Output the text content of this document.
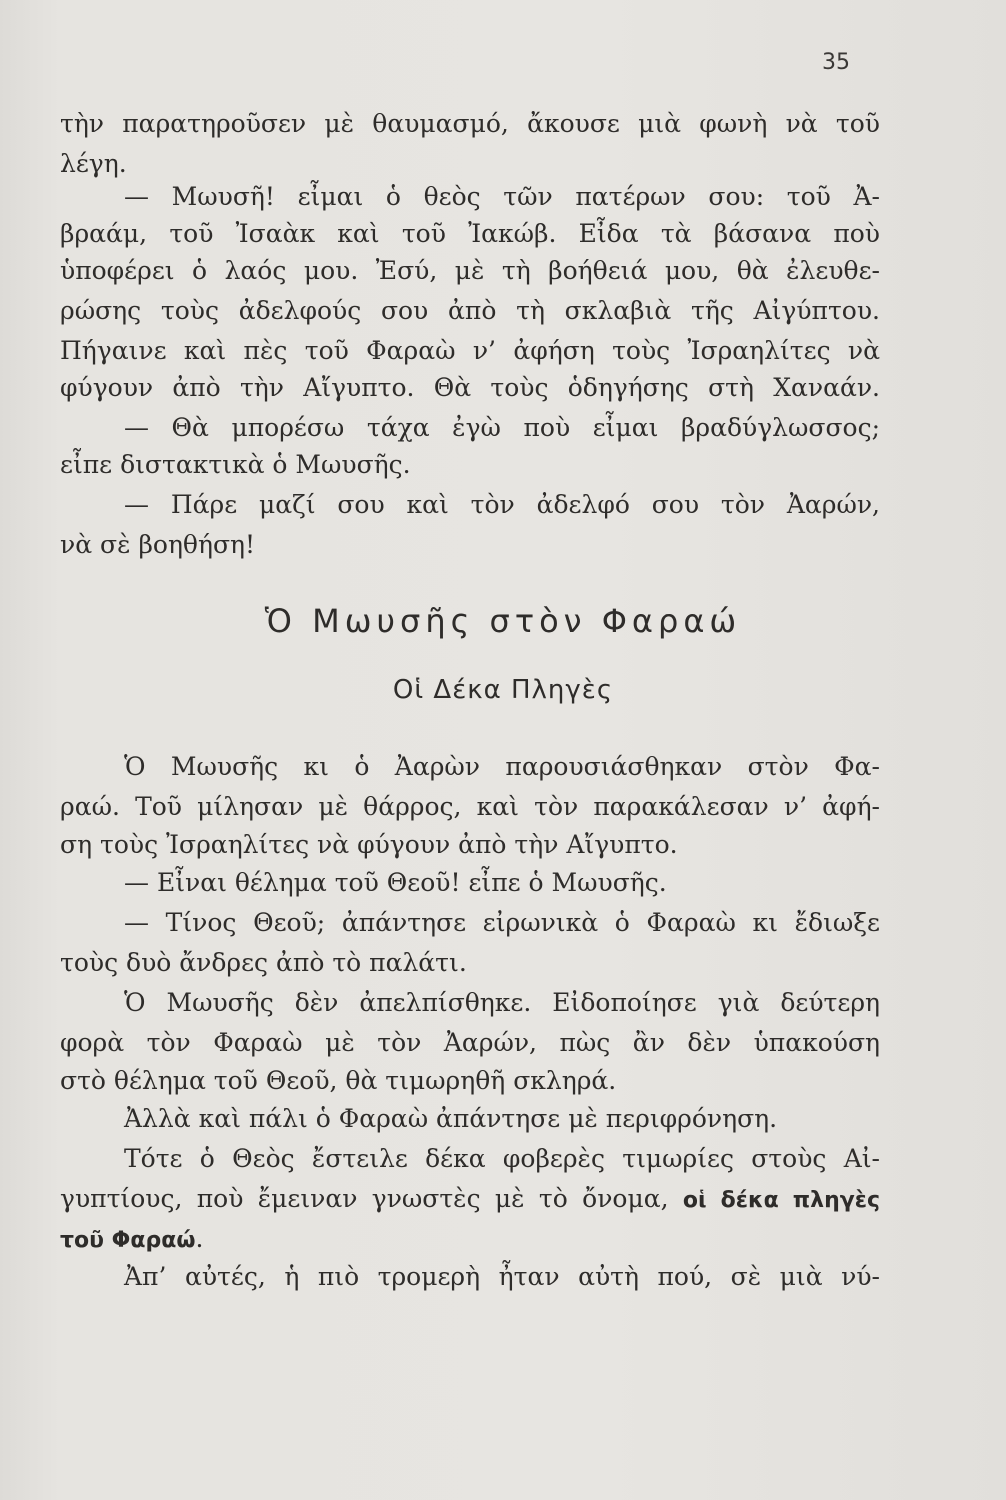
35
τὴν παρατηροῦσεν μὲ θαυμασμό, ἄκουσε μιὰ φωνὴ νὰ τοῦ
λέγη.
— Μωυσῆ! εἶμαι ὁ θεὸς τῶν πατέρων σου: τοῦ Ἀ-
βραάμ, τοῦ Ἰσαὰκ καὶ τοῦ Ἰακώβ. Εἶδα τὰ βάσανα ποὺ
ὑποφέρει ὁ λαός μου. Ἐσύ, μὲ τὴ βοήθειά μου, θὰ ἐλευθε-
ρώσης τοὺς ἀδελφούς σου ἀπὸ τὴ σκλαβιὰ τῆς Αἰγύπτου.
Πήγαινε καὶ πὲς τοῦ Φαραὼ ν’ ἀφήση τοὺς Ἰσραηλίτες νὰ
φύγουν ἀπὸ τὴν Αἴγυπτο. Θὰ τοὺς ὁδηγήσης στὴ Χαναάν.
— Θὰ μπορέσω τάχα ἐγὼ ποὺ εἶμαι βραδύγλωσσος;
εἶπε διστακτικὰ ὁ Μωυσῆς.
— Πάρε μαζί σου καὶ τὸν ἀδελφό σου τὸν Ἀαρών,
νὰ σὲ βοηθήση!
Ὁ Μωυσῆς στὸν Φαραώ
Οἱ Δέκα Πληγὲς
Ὁ Μωυσῆς κι ὁ Ἀαρὼν παρουσιάσθηκαν στὸν Φα-
ραώ. Τοῦ μίλησαν μὲ θάρρος, καὶ τὸν παρακάλεσαν ν’ ἀφή-
ση τοὺς Ἰσραηλίτες νὰ φύγουν ἀπὸ τὴν Αἴγυπτο.
— Εἶναι θέλημα τοῦ Θεοῦ! εἶπε ὁ Μωυσῆς.
— Τίνος Θεοῦ; ἀπάντησε εἰρωνικὰ ὁ Φαραὼ κι ἔδιωξε
τοὺς δυὸ ἄνδρες ἀπὸ τὸ παλάτι.
Ὁ Μωυσῆς δὲν ἀπελπίσθηκε. Εἰδοποίησε γιὰ δεύτερη
φορὰ τὸν Φαραὼ μὲ τὸν Ἀαρών, πὼς ἂν δὲν ὑπακούση
στὸ θέλημα τοῦ Θεοῦ, θὰ τιμωρηθῆ σκληρά.
Ἀλλὰ καὶ πάλι ὁ Φαραὼ ἀπάντησε μὲ περιφρόνηση.
Τότε ὁ Θεὸς ἔστειλε δέκα φοβερὲς τιμωρίες στοὺς Αἰ-
γυπτίους, ποὺ ἔμειναν γνωστὲς μὲ τὸ ὄνομα, οἱ δέκα πληγὲς
τοῦ Φαραώ.
Ἀπ’ αὐτές, ἡ πιὸ τρομερὴ ἦταν αὐτὴ πού, σὲ μιὰ νύ-
